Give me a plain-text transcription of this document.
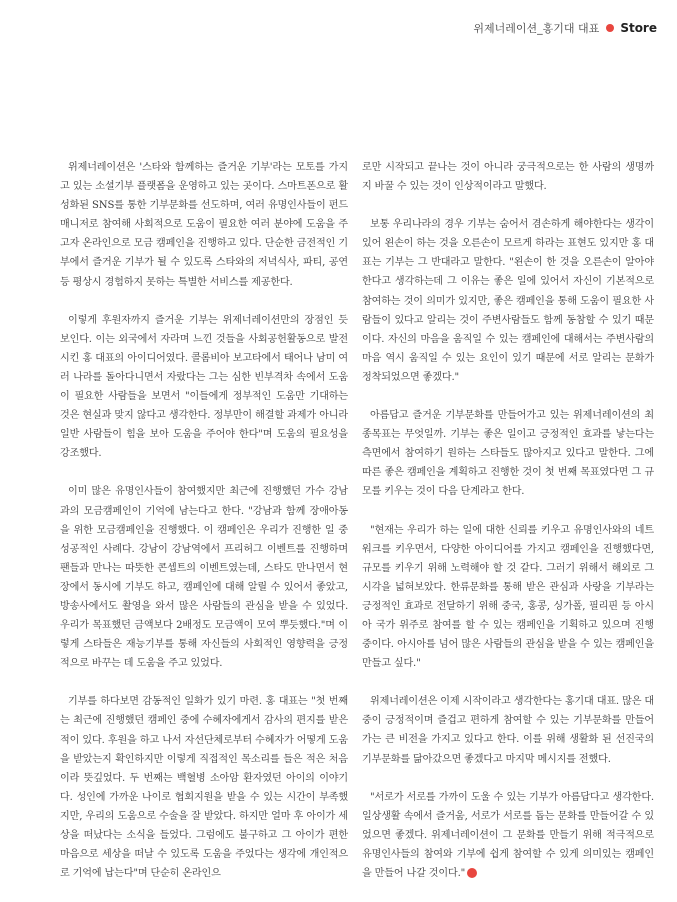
위제너레이션_홍기대 대표 Store

위제너레이션은 '스타와 함께하는 즐거운 기부'라는 모토를 가지고 있는 소셜기부 플랫폼을 운영하고 있는 곳이다. 스마트폰으로 활성화된 SNS를 통한 기부문화를 선도하며, 여러 유명인사들이 펀드매니저로 참여해 사회적으로 도움이 필요한 여러 분야에 도움을 주고자 온라인으로 모금 캠페인을 진행하고 있다. 단순한 금전적인 기부에서 즐거운 기부가 될 수 있도록 스타와의 저녁식사, 파티, 공연 등 평상시 경험하지 못하는 특별한 서비스를 제공한다.

이렇게 후원자까지 즐거운 기부는 위제너레이션만의 장점인 듯 보인다. 이는 외국에서 자라며 느낀 것들을 사회공헌활동으로 발전시킨 홍 대표의 아이디어였다. 콜롬비아 보고타에서 태어나 남미 여러 나라를 돌아다니면서 자랐다는 그는 심한 빈부격차 속에서 도움이 필요한 사람들을 보면서 "이들에게 정부적인 도움만 기대하는 것은 현실과 맞지 않다고 생각한다. 정부만이 해결할 과제가 아니라 일반 사람들이 힘을 보아 도움을 주어야 한다"며 도움의 필요성을 강조했다.

이미 많은 유명인사들이 참여했지만 최근에 진행했던 가수 강남과의 모금캠페인이 기억에 남는다고 한다. "강남과 함께 장애아동을 위한 모금캠페인을 진행했다. 이 캠페인은 우리가 진행한 일 중 성공적인 사례다. 강남이 강남역에서 프리허그 이벤트를 진행하며 팬들과 만나는 따뜻한 콘셉트의 이벤트였는데, 스타도 만나면서 현장에서 동시에 기부도 하고, 캠페인에 대해 알릴 수 있어서 좋았고, 방송사에서도 촬영을 와서 많은 사람들의 관심을 받을 수 있었다. 우리가 목표했던 금액보다 2배정도 모금액이 모여 뿌듯했다."며 이렇게 스타들은 재능기부를 통해 자신들의 사회적인 영향력을 긍정적으로 바꾸는 데 도움을 주고 있었다.

기부를 하다보면 감동적인 일화가 있기 마련. 홍 대표는 "첫 번째는 최근에 진행했던 캠페인 중에 수혜자에게서 감사의 편지를 받은 적이 있다. 후원을 하고 나서 자선단체로부터 수혜자가 어떻게 도움을 받았는지 확인하지만 이렇게 직접적인 목소리를 들은 적은 처음이라 뜻깊었다. 두 번째는 백혈병 소아암 환자였던 아이의 이야기다. 성인에 가까운 나이로 협회지원을 받을 수 있는 시간이 부족했지만, 우리의 도움으로 수술을 잘 받았다. 하지만 얼마 후 아이가 세상을 떠났다는 소식을 들었다. 그럼에도 불구하고 그 아이가 편한 마음으로 세상을 떠날 수 있도록 도움을 주었다는 생각에 개인적으로 기억에 납는다"며 단순히 온라인으

로만 시작되고 끝나는 것이 아니라 궁극적으로는 한 사람의 생명까지 바꿀 수 있는 것이 인상적이라고 말했다.

보통 우리나라의 경우 기부는 숨어서 겸손하게 해야한다는 생각이 있어 왼손이 하는 것을 오른손이 모르게 하라는 표현도 있지만 홍 대표는 기부는 그 반대라고 말한다. "왼손이 한 것을 오른손이 알아야 한다고 생각하는데 그 이유는 좋은 일에 있어서 자신이 기본적으로 참여하는 것이 의미가 있지만, 좋은 캠페인을 통해 도움이 필요한 사람들이 있다고 알리는 것이 주변사람들도 함께 동참할 수 있기 때문이다. 자신의 마음을 움직일 수 있는 캠페인에 대해서는 주변사람의 마음 역시 움직일 수 있는 요인이 있기 때문에 서로 알리는 문화가 정착되었으면 좋겠다."

아름답고 즐거운 기부문화를 만들어가고 있는 위제너레이션의 최종목표는 무엇일까. 기부는 좋은 일이고 긍정적인 효과를 낳는다는 측면에서 참여하기 원하는 스타들도 많아지고 있다고 말한다. 그에 따른 좋은 캠페인을 계획하고 진행한 것이 첫 번째 목표였다면 그 규모를 키우는 것이 다음 단계라고 한다.

"현재는 우리가 하는 일에 대한 신뢰를 키우고 유명인사와의 네트워크를 키우면서, 다양한 아이디어를 가지고 캠페인을 진행했다면, 규모를 키우기 위해 노력해야 할 것 같다. 그러기 위해서 해외로 그 시각을 넓혀보았다. 한류문화를 통해 받은 관심과 사랑을 기부라는 긍정적인 효과로 전달하기 위해 중국, 홍콩, 싱가폴, 필리핀 등 아시아 국가 위주로 참여를 할 수 있는 캠페인을 기획하고 있으며 진행 중이다. 아시아를 넘어 많은 사람들의 관심을 받을 수 있는 캠페인을 만들고 싶다."

위제너레이션은 이제 시작이라고 생각한다는 홍기대 대표. 많은 대중이 긍정적이며 즐겁고 편하게 참여할 수 있는 기부문화를 만들어가는 큰 비전을 가지고 있다고 한다. 이를 위해 생활화 된 선진국의 기부문화를 닮아갔으면 좋겠다고 마지막 메시지를 전했다.

"서로가 서로를 가까이 도울 수 있는 기부가 아름답다고 생각한다. 일상생활 속에서 즐거움, 서로가 서로를 돕는 문화를 만들어갈 수 있었으면 좋겠다. 위제너레이션이 그 문화를 만들기 위해 적극적으로 유명인사들의 참여와 기부에 쉽게 참여할 수 있게 의미있는 캠페인을 만들어 나갈 것이다."
